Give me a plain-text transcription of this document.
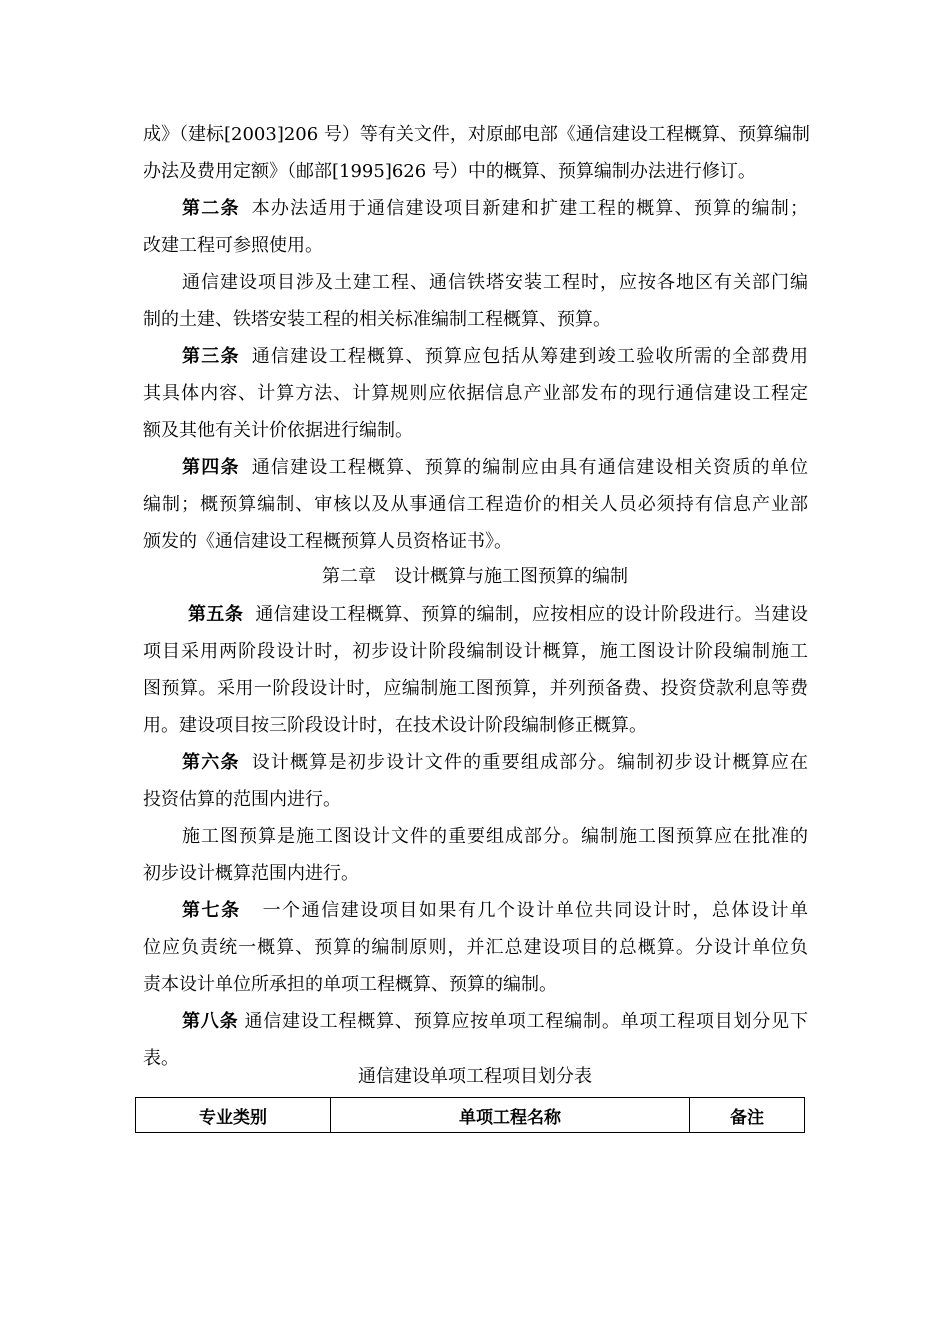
成》（建标[2003]206 号）等有关文件，对原邮电部《通信建设工程概算、预算编制
办法及费用定额》（邮部[1995]626 号）中的概算、预算编制办法进行修订。
第二条 本办法适用于通信建设项目新建和扩建工程的概算、预算的编制；
改建工程可参照使用。
通信建设项目涉及土建工程、通信铁塔安装工程时，应按各地区有关部门编
制的土建、铁塔安装工程的相关标准编制工程概算、预算。
第三条 通信建设工程概算、预算应包括从筹建到竣工验收所需的全部费用
其具体内容、计算方法、计算规则应依据信息产业部发布的现行通信建设工程定
额及其他有关计价依据进行编制。
第四条 通信建设工程概算、预算的编制应由具有通信建设相关资质的单位
编制；概预算编制、审核以及从事通信工程造价的相关人员必须持有信息产业部
颁发的《通信建设工程概预算人员资格证书》。
第二章　设计概算与施工图预算的编制
第五条 通信建设工程概算、预算的编制，应按相应的设计阶段进行。当建设
项目采用两阶段设计时，初步设计阶段编制设计概算，施工图设计阶段编制施工
图预算。采用一阶段设计时，应编制施工图预算，并列预备费、投资贷款利息等费
用。建设项目按三阶段设计时，在技术设计阶段编制修正概算。
第六条 设计概算是初步设计文件的重要组成部分。编制初步设计概算应在
投资估算的范围内进行。
施工图预算是施工图设计文件的重要组成部分。编制施工图预算应在批准的
初步设计概算范围内进行。
第七条 一个通信建设项目如果有几个设计单位共同设计时，总体设计单
位应负责统一概算、预算的编制原则，并汇总建设项目的总概算。分设计单位负
责本设计单位所承担的单项工程概算、预算的编制。
第八条 通信建设工程概算、预算应按单项工程编制。单项工程项目划分见下
表。
通信建设单项工程项目划分表
专业类别	单项工程名称	备注
